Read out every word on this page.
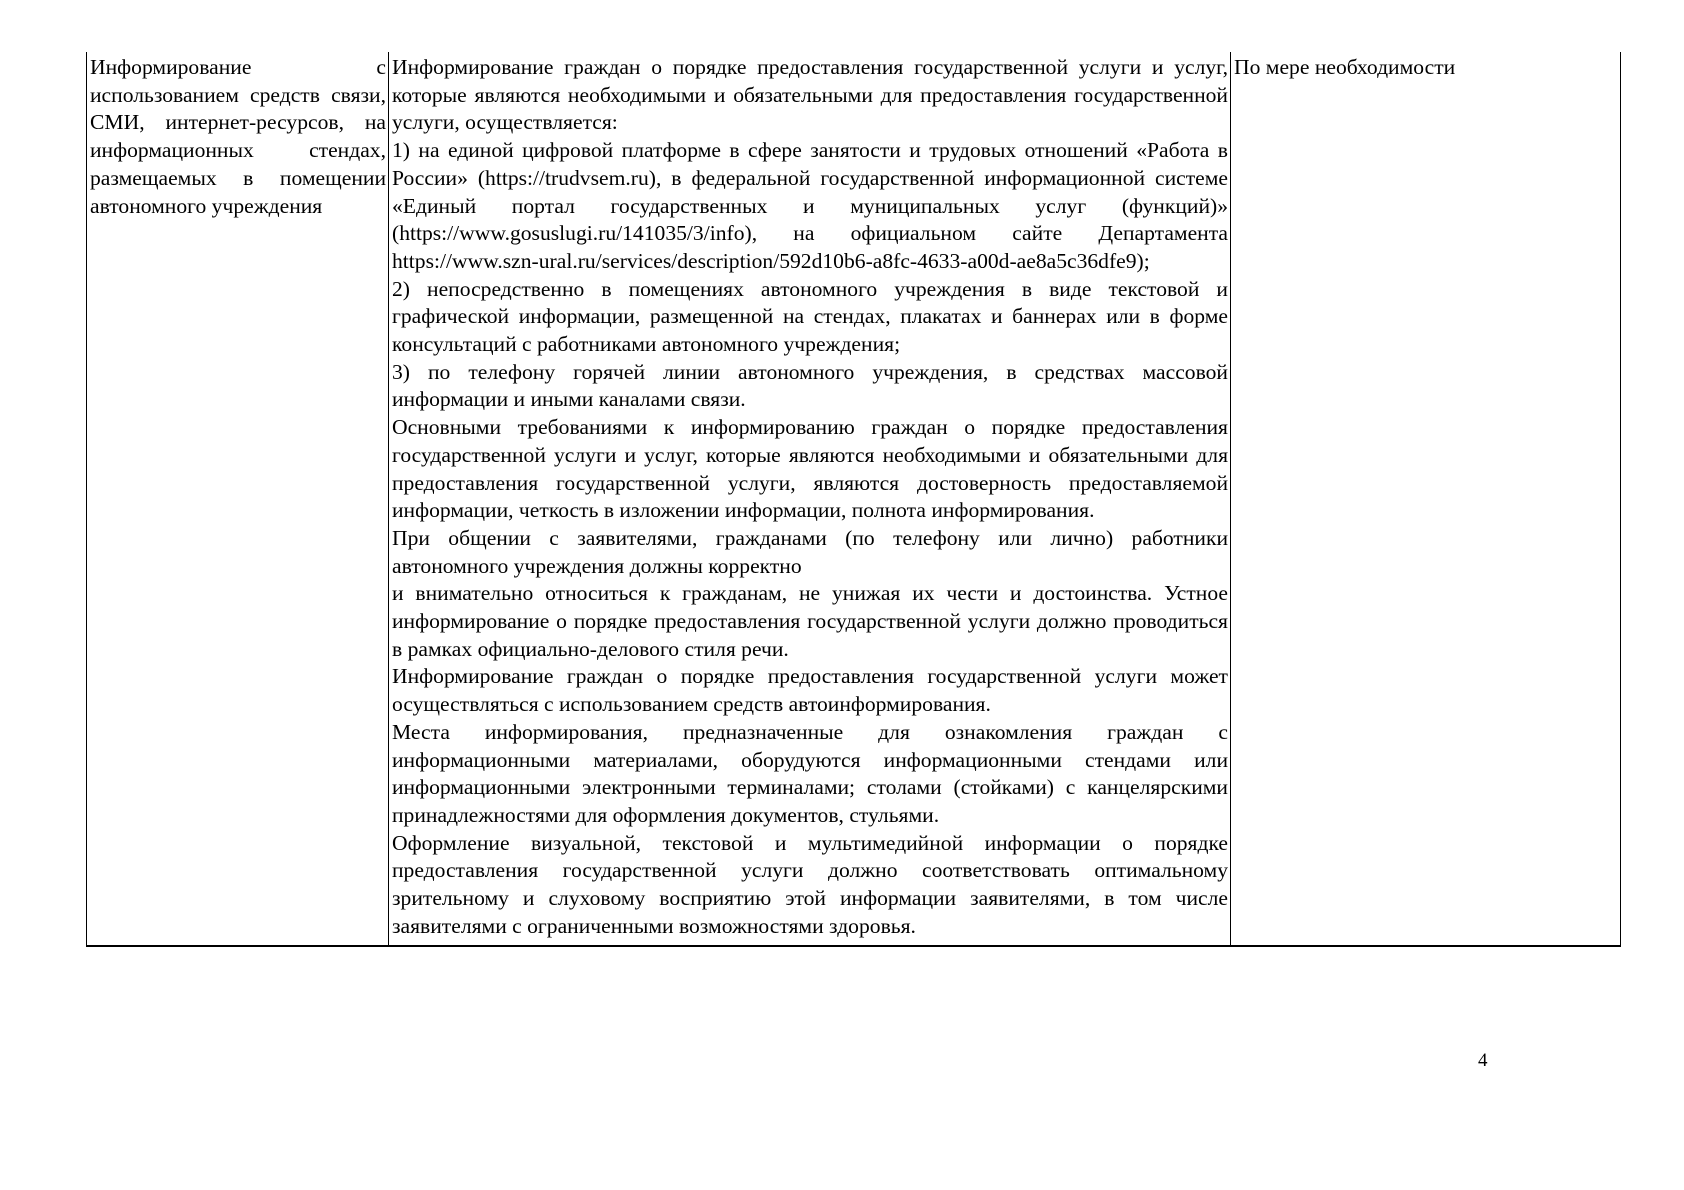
Информирование с использованием средств связи, СМИ, интернет-ресурсов, на информационных стендах, размещаемых в помещении автономного учреждения

Информирование граждан о порядке предоставления государственной услуги и услуг, которые являются необходимыми и обязательными для предоставления государственной услуги, осуществляется:

1) на единой цифровой платформе в сфере занятости и трудовых отношений «Работа в России» (https://trudvsem.ru), в федеральной государственной информационной системе «Единый портал государственных и муниципальных услуг (функций)» (https://www.gosuslugi.ru/141035/3/info), на официальном сайте Департамента https://www.szn-ural.ru/services/description/592d10b6-a8fc-4633-a00d-ae8a5c36dfe9);

2) непосредственно в помещениях автономного учреждения в виде текстовой и графической информации, размещенной на стендах, плакатах и баннерах или в форме консультаций с работниками автономного учреждения;

3) по телефону горячей линии автономного учреждения, в средствах массовой информации и иными каналами связи.

Основными требованиями к информированию граждан о порядке предоставления государственной услуги и услуг, которые являются необходимыми и обязательными для предоставления государственной услуги, являются достоверность предоставляемой информации, четкость в изложении информации, полнота информирования.

При общении с заявителями, гражданами (по телефону или лично) работники автономного учреждения должны корректно

и внимательно относиться к гражданам, не унижая их чести и достоинства. Устное информирование о порядке предоставления государственной услуги должно проводиться в рамках официально-делового стиля речи.

Информирование граждан о порядке предоставления государственной услуги может осуществляться с использованием средств автоинформирования.

Места информирования, предназначенные для ознакомления граждан с информационными материалами, оборудуются информационными стендами или информационными электронными терминалами; столами (стойками) с канцелярскими принадлежностями для оформления документов, стульями.

Оформление визуальной, текстовой и мультимедийной информации о порядке предоставления государственной услуги должно соответствовать оптимальному зрительному и слуховому восприятию этой информации заявителями, в том числе заявителями с ограниченными возможностями здоровья.

По мере необходимости

4
